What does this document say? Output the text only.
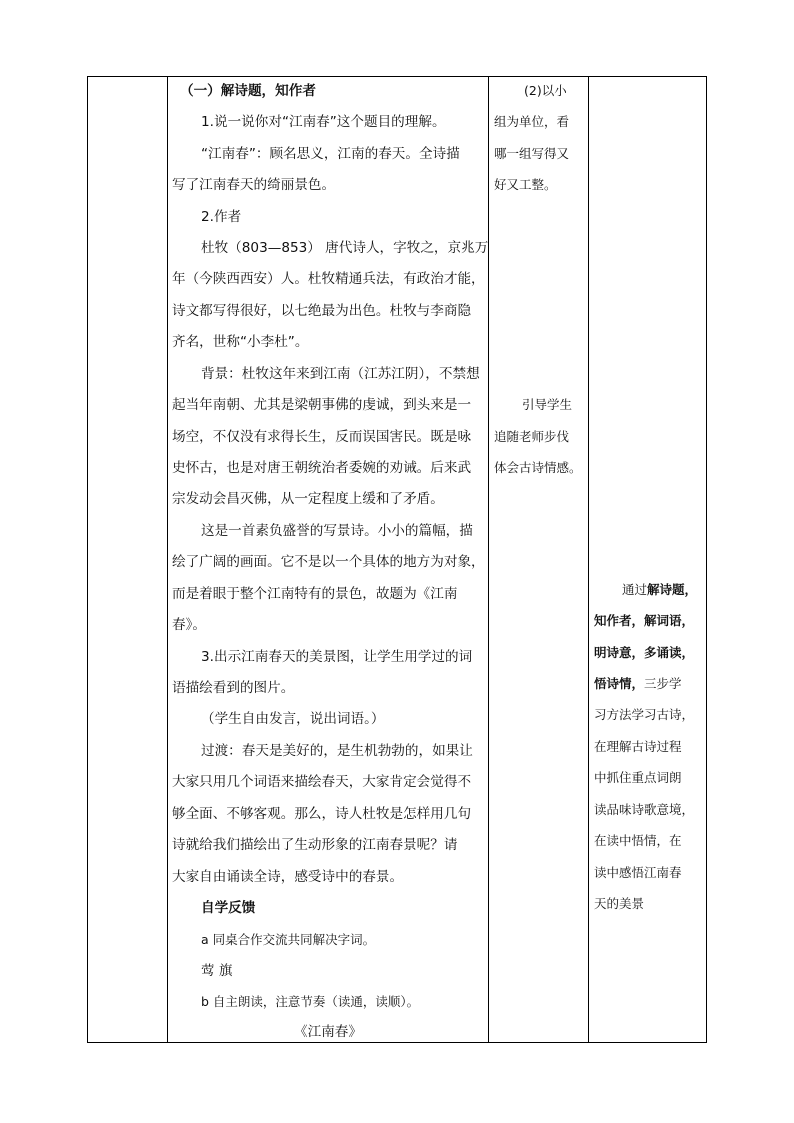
（一）解诗题，知作者
1.说一说你对“江南春”这个题目的理解。
“江南春”：顾名思义，江南的春天。全诗描
写了江南春天的绮丽景色。
2.作者
杜牧（803—853） 唐代诗人，字牧之，京兆万
年（今陕西西安）人。杜牧精通兵法，有政治才能，
诗文都写得很好，以七绝最为出色。杜牧与李商隐
齐名，世称“小李杜”。
背景：杜牧这年来到江南（江苏江阴），不禁想
起当年南朝、尤其是梁朝事佛的虔诚，到头来是一
场空，不仅没有求得长生，反而误国害民。既是咏
史怀古，也是对唐王朝统治者委婉的劝诫。后来武
宗发动会昌灭佛，从一定程度上缓和了矛盾。
这是一首素负盛誉的写景诗。小小的篇幅，描
绘了广阔的画面。它不是以一个具体的地方为对象，
而是着眼于整个江南特有的景色，故题为《江南
春》。
3.出示江南春天的美景图，让学生用学过的词
语描绘看到的图片。
（学生自由发言，说出词语。）
过渡：春天是美好的，是生机勃勃的，如果让
大家只用几个词语来描绘春天，大家肯定会觉得不
够全面、不够客观。那么，诗人杜牧是怎样用几句
诗就给我们描绘出了生动形象的江南春景呢？请
大家自由诵读全诗，感受诗中的春景。
自学反馈
a 同桌合作交流共同解决字词。
莺 旗
b 自主朗读，注意节奏（读通，读顺）。
《江南春》
(2)以小
组为单位，看
哪一组写得又
好又工整。
引导学生
追随老师步伐
体会古诗情感。
通过解诗题，
知作者，解词语，
明诗意，多诵读，
悟诗情，三步学
习方法学习古诗，
在理解古诗过程
中抓住重点词朗
读品味诗歌意境，
在读中悟情，在
读中感悟江南春
天的美景
